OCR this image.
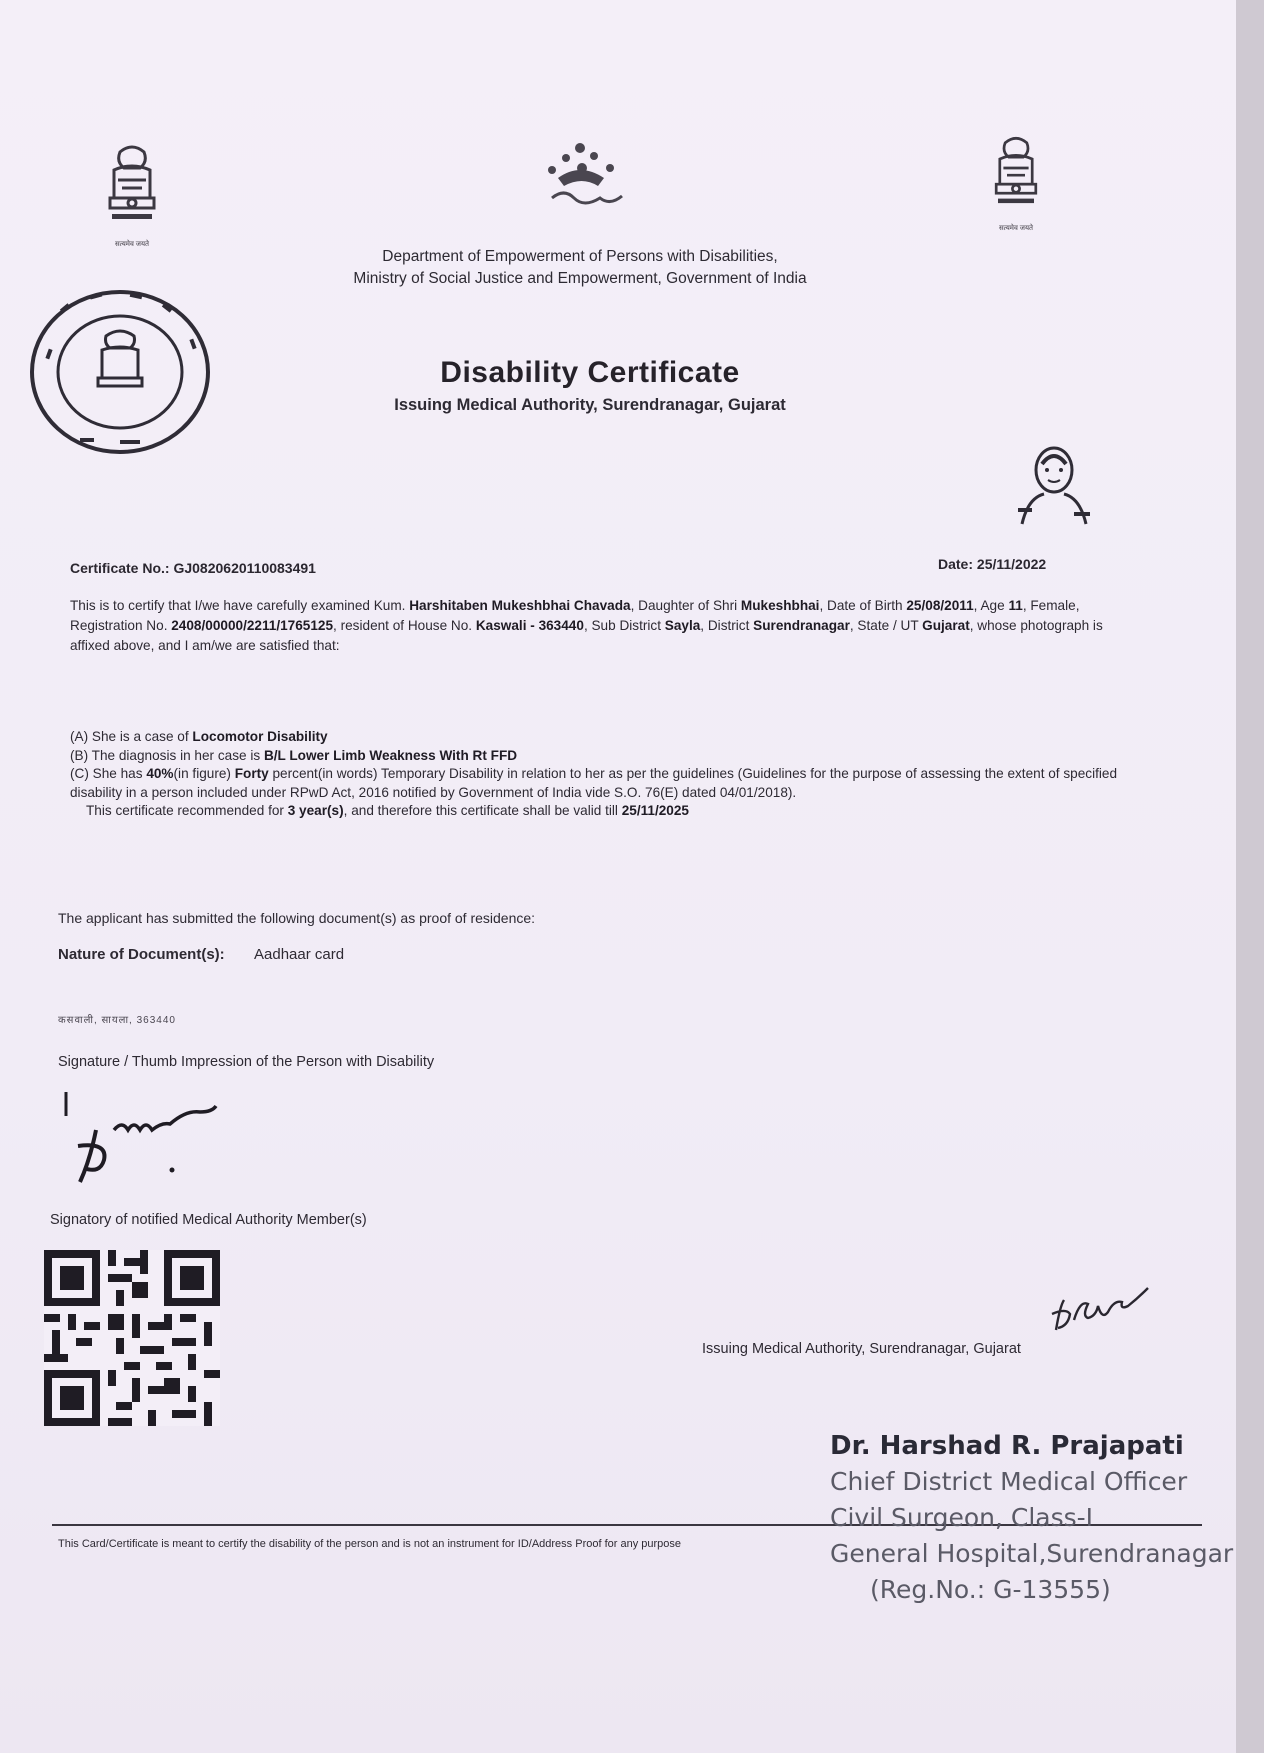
सत्यमेव जयते
सत्यमेव जयते
Department of Empowerment of Persons with Disabilities,
Ministry of Social Justice and Empowerment, Government of India
Disability Certificate
Issuing Medical Authority, Surendranagar, Gujarat
Certificate No.: GJ0820620110083491	Date: 25/11/2022
This is to certify that I/we have carefully examined Kum. Harshitaben Mukeshbhai Chavada, Daughter of Shri Mukeshbhai, Date of Birth 25/08/2011, Age 11, Female, Registration No. 2408/00000/2211/1765125, resident of House No. Kaswali - 363440, Sub District Sayla, District Surendranagar, State / UT Gujarat, whose photograph is affixed above, and I am/we are satisfied that:
(A) She is a case of Locomotor Disability
(B) The diagnosis in her case is B/L Lower Limb Weakness With Rt FFD
(C) She has 40%(in figure) Forty percent(in words) Temporary Disability in relation to her as per the guidelines (Guidelines for the purpose of assessing the extent of specified disability in a person included under RPwD Act, 2016 notified by Government of India vide S.O. 76(E) dated 04/01/2018).
This certificate recommended for 3 year(s), and therefore this certificate shall be valid till 25/11/2025
The applicant has submitted the following document(s) as proof of residence:
Nature of Document(s): Aadhaar card
कसवाली, सायला, 363440
Signature / Thumb Impression of the Person with Disability
Signatory of notified Medical Authority Member(s)
Issuing Medical Authority, Surendranagar, Gujarat
This Card/Certificate is meant to certify the disability of the person and is not an instrument for ID/Address Proof for any purpose
Dr. Harshad R. Prajapati
Chief District Medical Officer
Civil Surgeon, Class-I
General Hospital,Surendranagar
(Reg.No.: G-13555)
